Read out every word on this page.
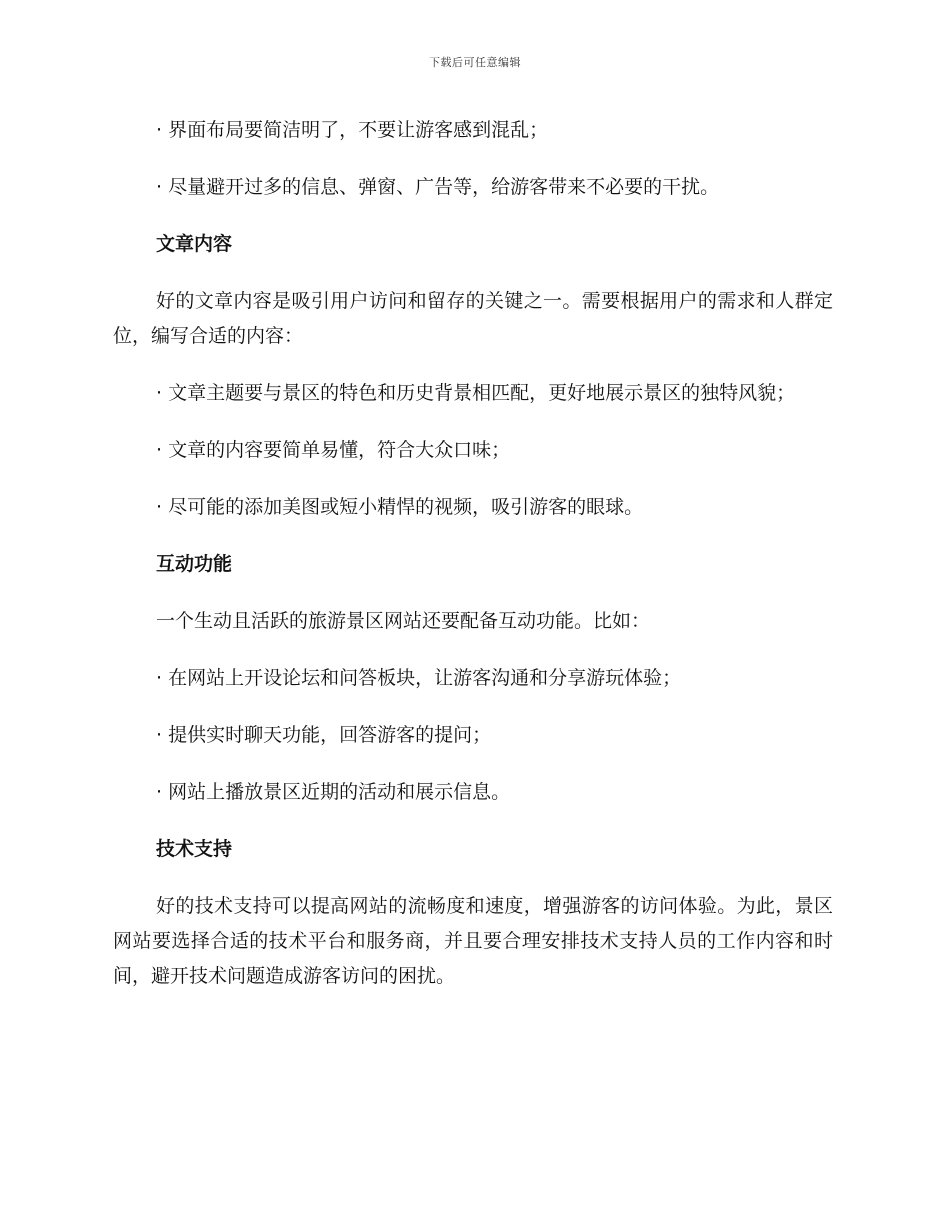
下载后可任意编辑
· 界面布局要简洁明了，不要让游客感到混乱；
· 尽量避开过多的信息、弹窗、广告等，给游客带来不必要的干扰。
文章内容
好的文章内容是吸引用户访问和留存的关键之一。需要根据用户的需求和人群定位，编写合适的内容：
· 文章主题要与景区的特色和历史背景相匹配，更好地展示景区的独特风貌；
· 文章的内容要简单易懂，符合大众口味；
· 尽可能的添加美图或短小精悍的视频，吸引游客的眼球。
互动功能
一个生动且活跃的旅游景区网站还要配备互动功能。比如：
· 在网站上开设论坛和问答板块，让游客沟通和分享游玩体验；
· 提供实时聊天功能，回答游客的提问；
· 网站上播放景区近期的活动和展示信息。
技术支持
好的技术支持可以提高网站的流畅度和速度，增强游客的访问体验。为此，景区网站要选择合适的技术平台和服务商，并且要合理安排技术支持人员的工作内容和时间，避开技术问题造成游客访问的困扰。
